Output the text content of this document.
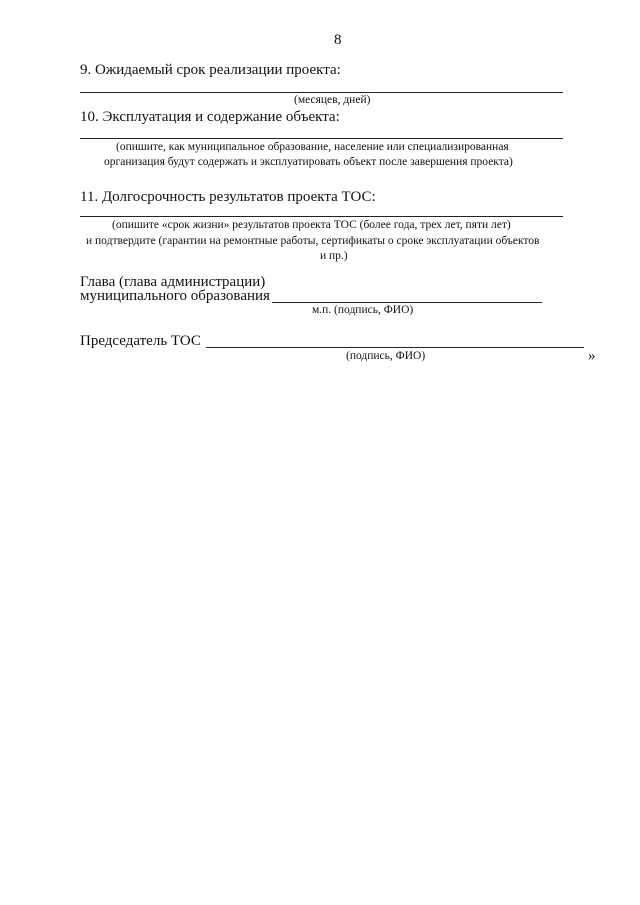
8
9. Ожидаемый срок реализации проекта:
(месяцев, дней)
10. Эксплуатация и содержание объекта:
(опишите, как муниципальное образование, население или специализированная
организация будут содержать и эксплуатировать объект после завершения проекта)
11. Долгосрочность результатов проекта ТОС:
(опишите «срок жизни» результатов проекта ТОС (более года, трех лет, пяти лет)
и подтвердите (гарантии на ремонтные работы, сертификаты о сроке эксплуатации объектов
и пр.)
Глава (глава администрации)
муниципального образования
м.п. (подпись, ФИО)
Председатель ТОС
(подпись, ФИО)	»
